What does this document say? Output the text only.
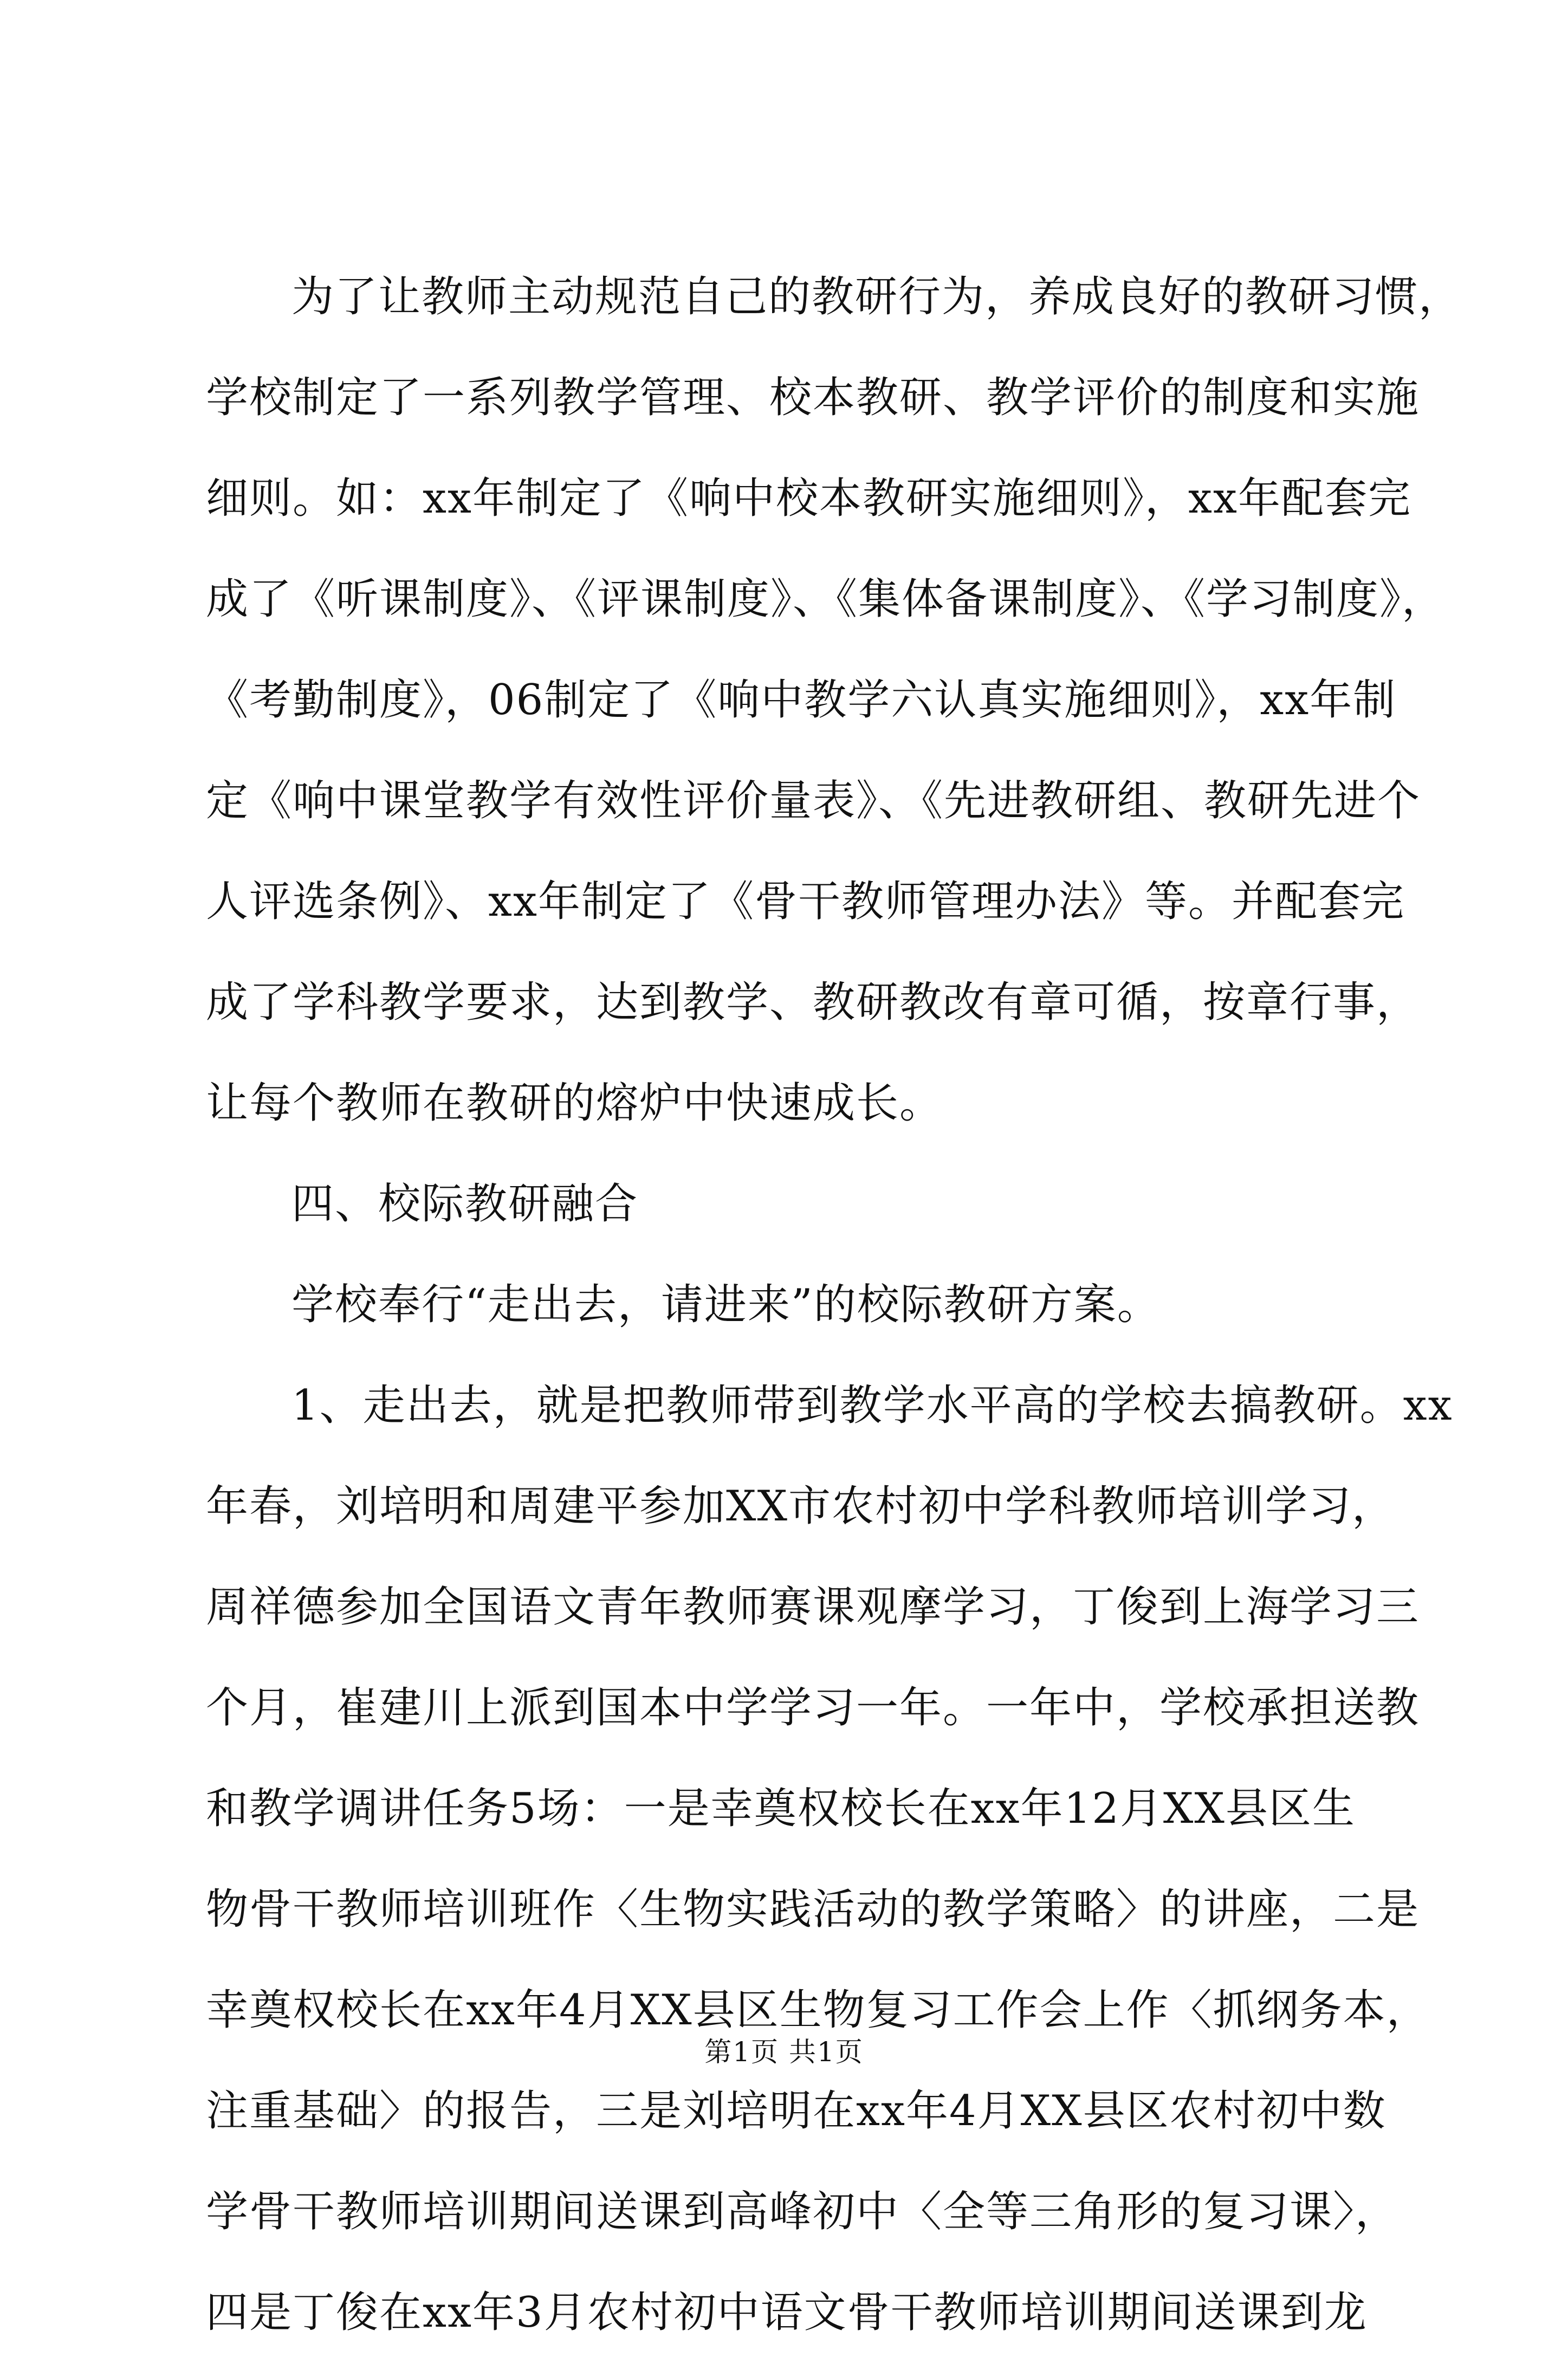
为了让教师主动规范自己的教研行为，养成良好的教研习惯，
学校制定了一系列教学管理、校本教研、教学评价的制度和实施
细则。如：xx年制定了《响中校本教研实施细则》，xx年配套完
成了《听课制度》、《评课制度》、《集体备课制度》、《学习制度》，
《考勤制度》，06制定了《响中教学六认真实施细则》，xx年制
定《响中课堂教学有效性评价量表》、《先进教研组、教研先进个
人评选条例》、xx年制定了《骨干教师管理办法》等。并配套完
成了学科教学要求，达到教学、教研教改有章可循，按章行事，
让每个教师在教研的熔炉中快速成长。
四、校际教研融合
学校奉行“走出去，请进来”的校际教研方案。
1、走出去，就是把教师带到教学水平高的学校去搞教研。xx
年春，刘培明和周建平参加XX市农村初中学科教师培训学习，
周祥德参加全国语文青年教师赛课观摩学习，丁俊到上海学习三
个月，崔建川上派到国本中学学习一年。一年中，学校承担送教
和教学调讲任务5场：一是幸奠权校长在xx年12月XX县区生
物骨干教师培训班作〈生物实践活动的教学策略〉的讲座，二是
幸奠权校长在xx年4月XX县区生物复习工作会上作〈抓纲务本，
注重基础〉的报告，三是刘培明在xx年4月XX县区农村初中数
学骨干教师培训期间送课到高峰初中〈全等三角形的复习课〉，
四是丁俊在xx年3月农村初中语文骨干教师培训期间送课到龙
第1页 共1页
